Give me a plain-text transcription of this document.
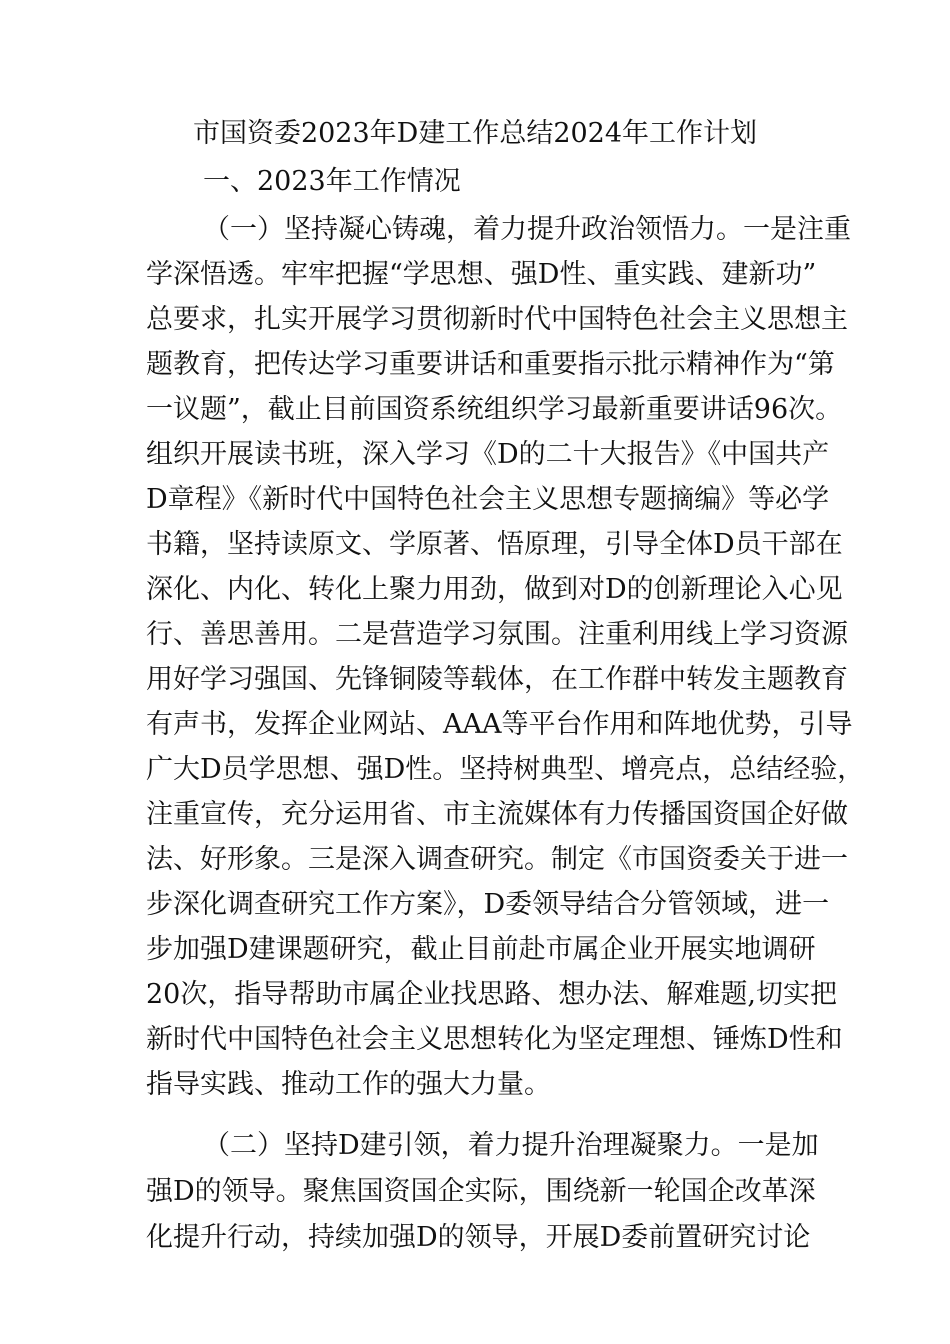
市国资委2023年D建工作总结2024年工作计划
一、2023年工作情况
（一）坚持凝心铸魂，着力提升政治领悟力。一是注重
学深悟透。牢牢把握“学思想、强D性、重实践、建新功”
总要求，扎实开展学习贯彻新时代中国特色社会主义思想主
题教育，把传达学习重要讲话和重要指示批示精神作为“第
一议题”，截止目前国资系统组织学习最新重要讲话96次。
组织开展读书班，深入学习《D的二十大报告》《中国共产
D章程》《新时代中国特色社会主义思想专题摘编》等必学
书籍，坚持读原文、学原著、悟原理，引导全体D员干部在
深化、内化、转化上聚力用劲，做到对D的创新理论入心见
行、善思善用。二是营造学习氛围。注重利用线上学习资源
用好学习强国、先锋铜陵等载体，在工作群中转发主题教育
有声书，发挥企业网站、AAA等平台作用和阵地优势，引导
广大D员学思想、强D性。坚持树典型、增亮点，总结经验，
注重宣传，充分运用省、市主流媒体有力传播国资国企好做
法、好形象。三是深入调查研究。制定《市国资委关于进一
步深化调查研究工作方案》，D委领导结合分管领域，进一
步加强D建课题研究，截止目前赴市属企业开展实地调研
20次，指导帮助市属企业找思路、想办法、解难题,切实把
新时代中国特色社会主义思想转化为坚定理想、锤炼D性和
指导实践、推动工作的强大力量。
（二）坚持D建引领，着力提升治理凝聚力。一是加
强D的领导。聚焦国资国企实际，围绕新一轮国企改革深
化提升行动，持续加强D的领导，开展D委前置研究讨论
